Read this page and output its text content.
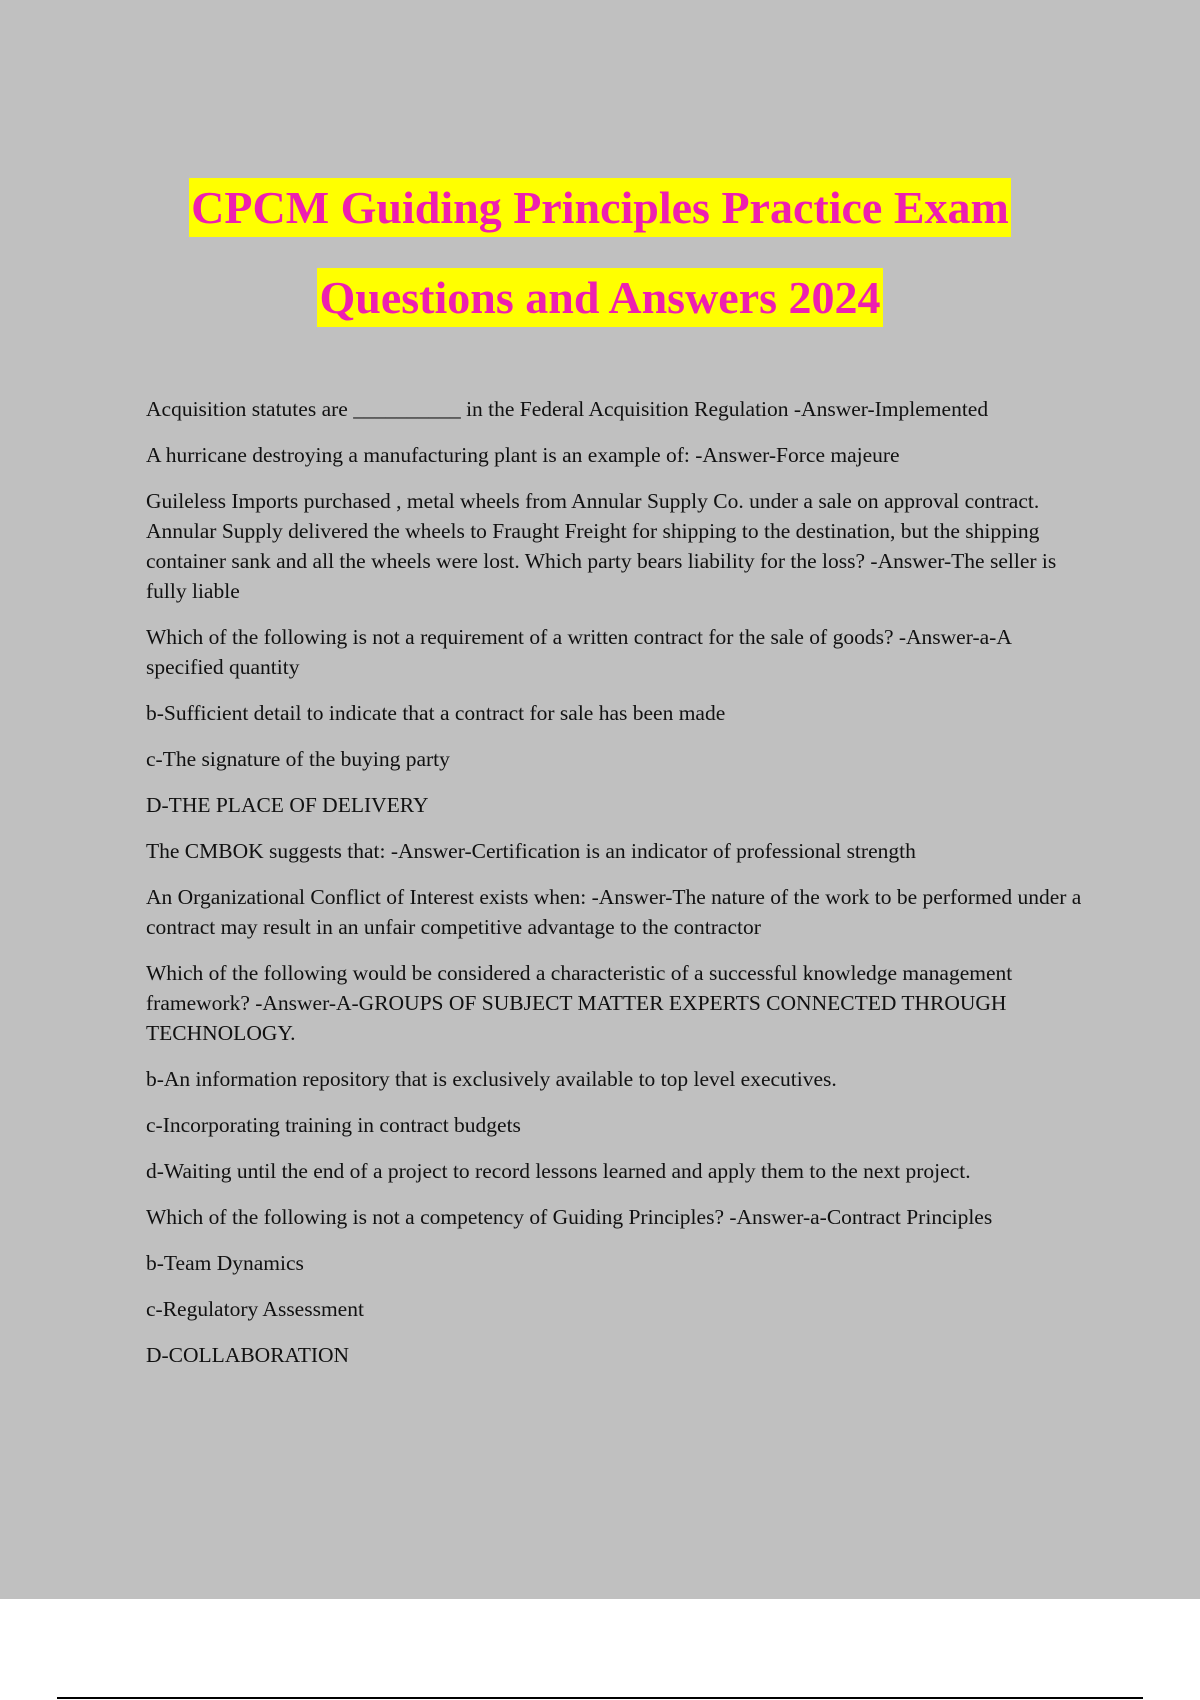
CPCM Guiding Principles Practice Exam
Questions and Answers 2024

Acquisition statutes are __________ in the Federal Acquisition Regulation -Answer-Implemented

A hurricane destroying a manufacturing plant is an example of: -Answer-Force majeure

Guileless Imports purchased , metal wheels from Annular Supply Co. under a sale on approval contract. Annular Supply delivered the wheels to Fraught Freight for shipping to the destination, but the shipping container sank and all the wheels were lost. Which party bears liability for the loss? -Answer-The seller is fully liable

Which of the following is not a requirement of a written contract for the sale of goods? -Answer-a-A specified quantity

b-Sufficient detail to indicate that a contract for sale has been made

c-The signature of the buying party

D-THE PLACE OF DELIVERY

The CMBOK suggests that: -Answer-Certification is an indicator of professional strength

An Organizational Conflict of Interest exists when: -Answer-The nature of the work to be performed under a contract may result in an unfair competitive advantage to the contractor

Which of the following would be considered a characteristic of a successful knowledge management framework? -Answer-A-GROUPS OF SUBJECT MATTER EXPERTS CONNECTED THROUGH TECHNOLOGY.

b-An information repository that is exclusively available to top level executives.

c-Incorporating training in contract budgets

d-Waiting until the end of a project to record lessons learned and apply them to the next project.

Which of the following is not a competency of Guiding Principles? -Answer-a-Contract Principles

b-Team Dynamics

c-Regulatory Assessment

D-COLLABORATION
